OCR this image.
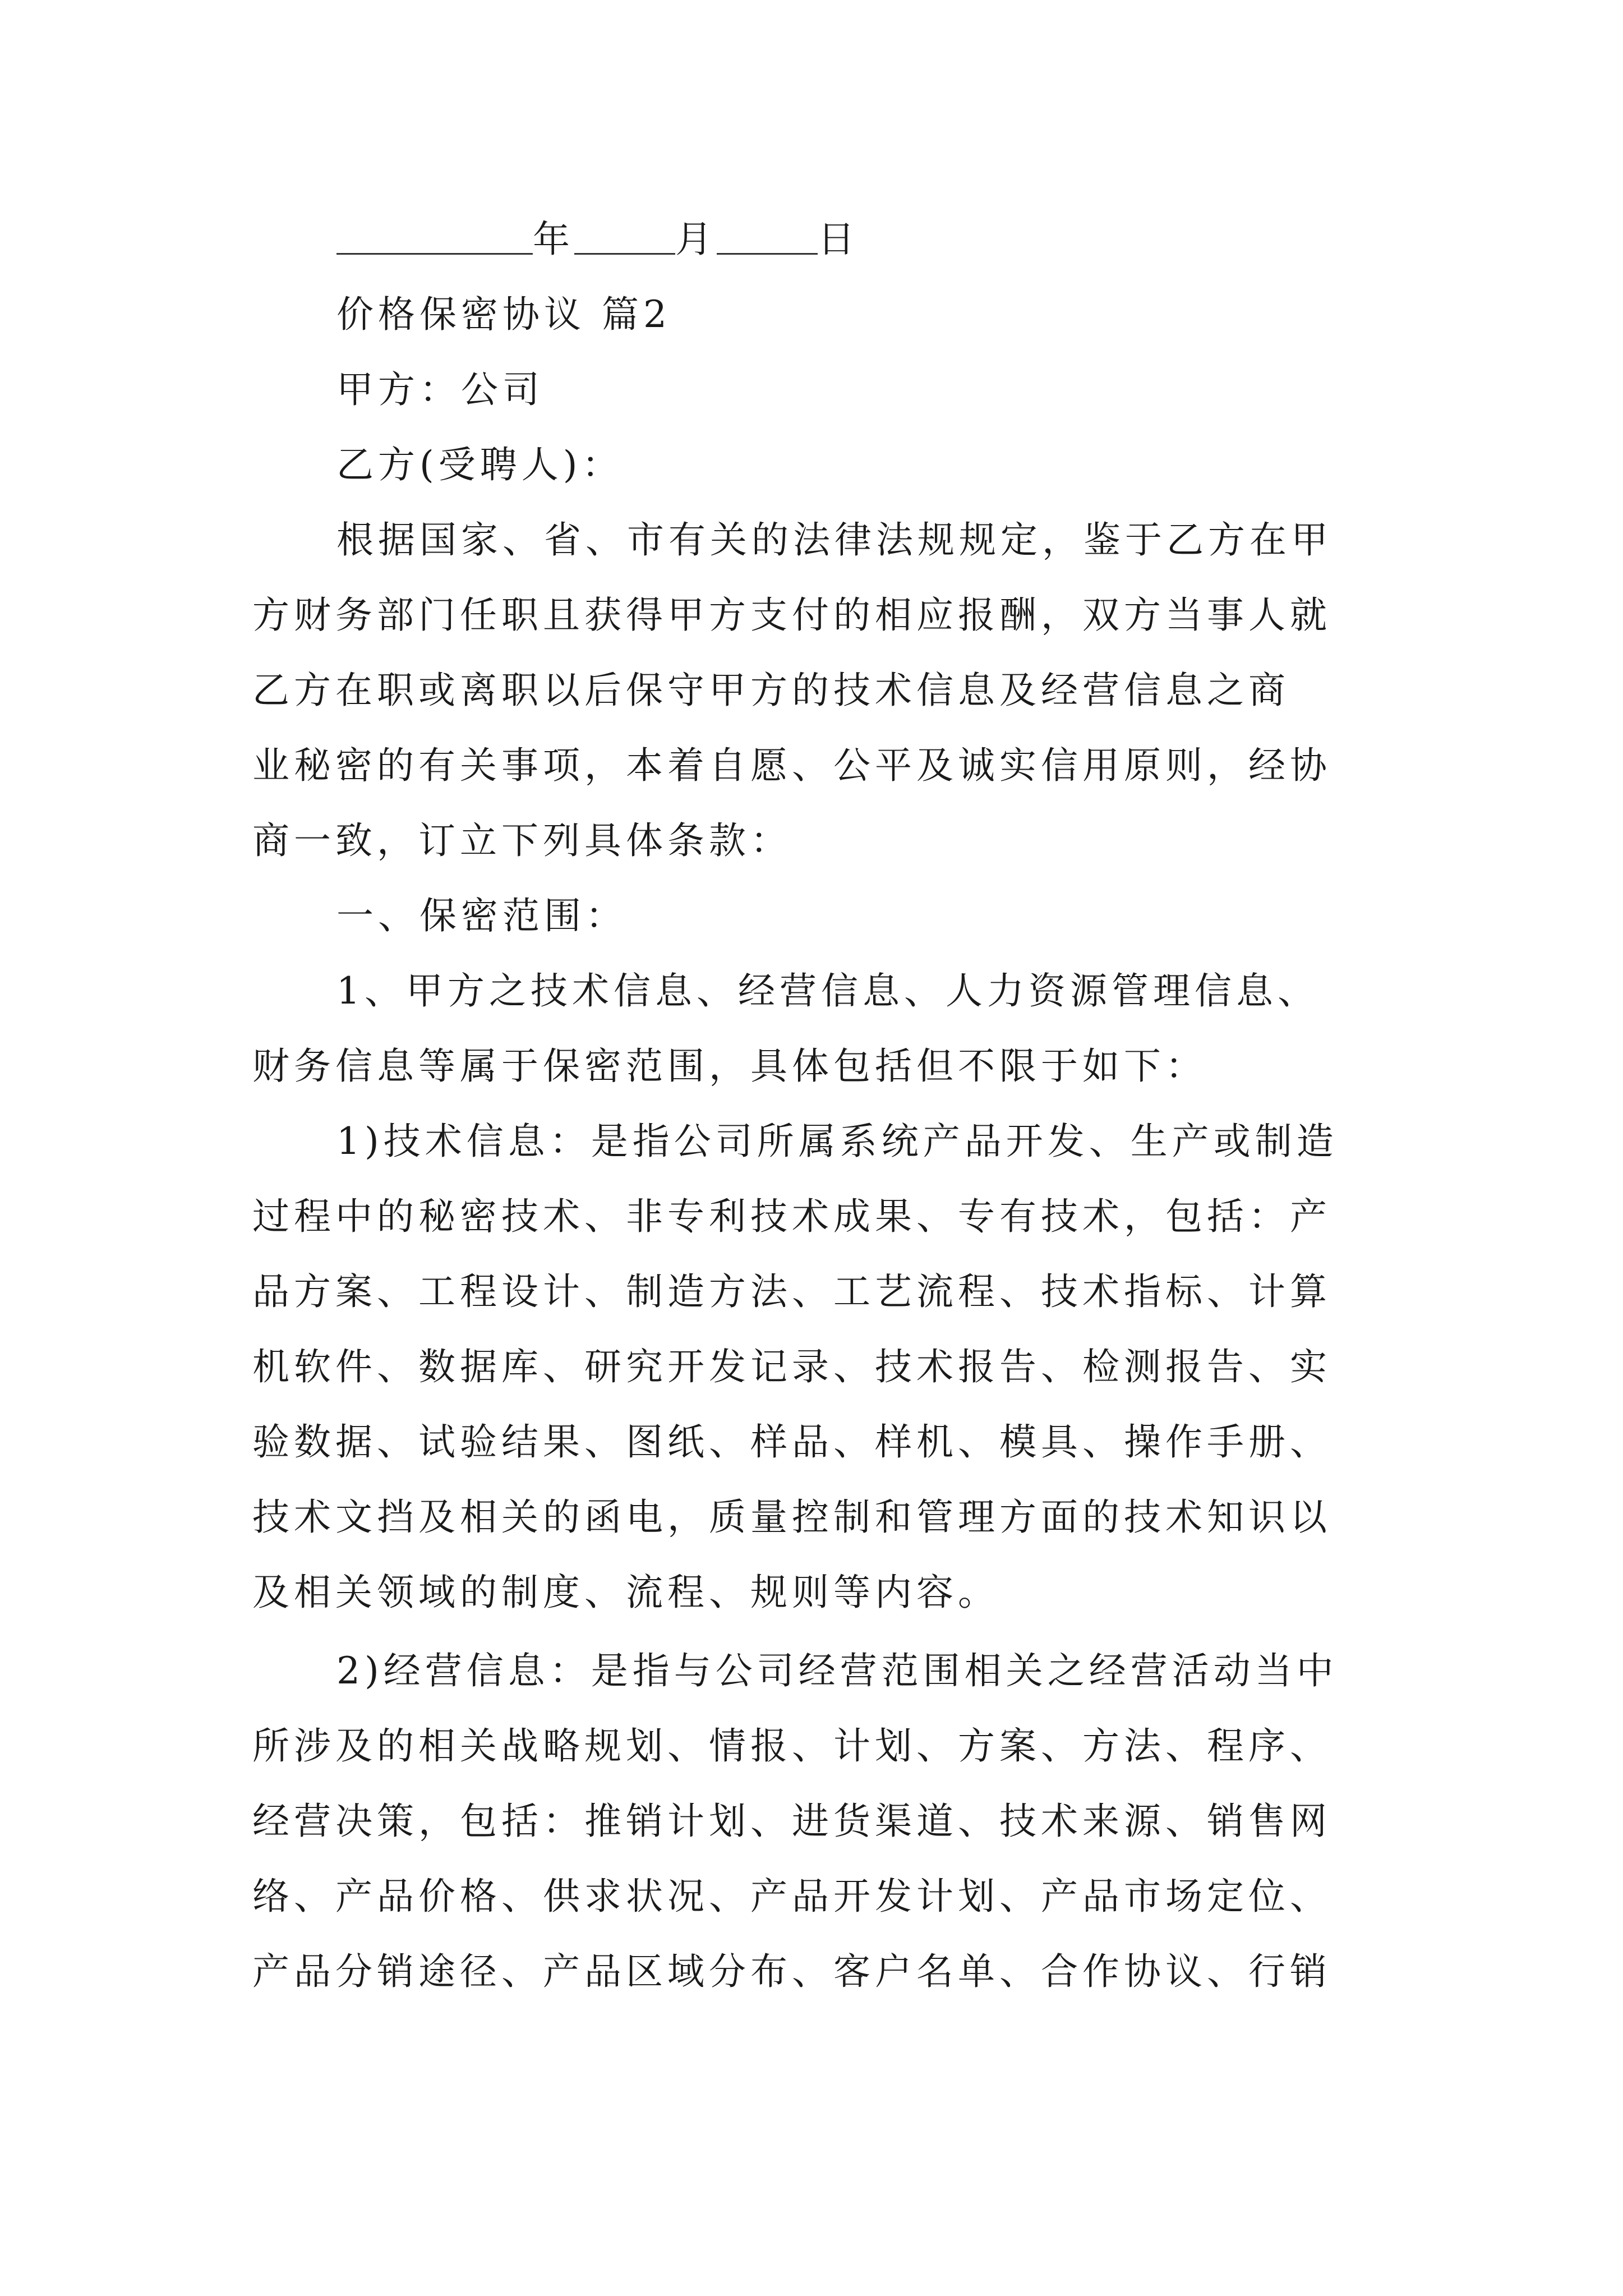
年	月	日

价格保密协议 篇2

甲方：公司

乙方(受聘人)：

根据国家、省、市有关的法律法规规定，鉴于乙方在甲

方财务部门任职且获得甲方支付的相应报酬，双方当事人就

乙方在职或离职以后保守甲方的技术信息及经营信息之商

业秘密的有关事项，本着自愿、公平及诚实信用原则，经协

商一致，订立下列具体条款：

一、保密范围：

1、甲方之技术信息、经营信息、人力资源管理信息、

财务信息等属于保密范围，具体包括但不限于如下：

1)技术信息：是指公司所属系统产品开发、生产或制造

过程中的秘密技术、非专利技术成果、专有技术，包括：产

品方案、工程设计、制造方法、工艺流程、技术指标、计算

机软件、数据库、研究开发记录、技术报告、检测报告、实

验数据、试验结果、图纸、样品、样机、模具、操作手册、

技术文挡及相关的函电，质量控制和管理方面的技术知识以

及相关领域的制度、流程、规则等内容。

2)经营信息：是指与公司经营范围相关之经营活动当中

所涉及的相关战略规划、情报、计划、方案、方法、程序、

经营决策，包括：推销计划、进货渠道、技术来源、销售网

络、产品价格、供求状况、产品开发计划、产品市场定位、

产品分销途径、产品区域分布、客户名单、合作协议、行销
